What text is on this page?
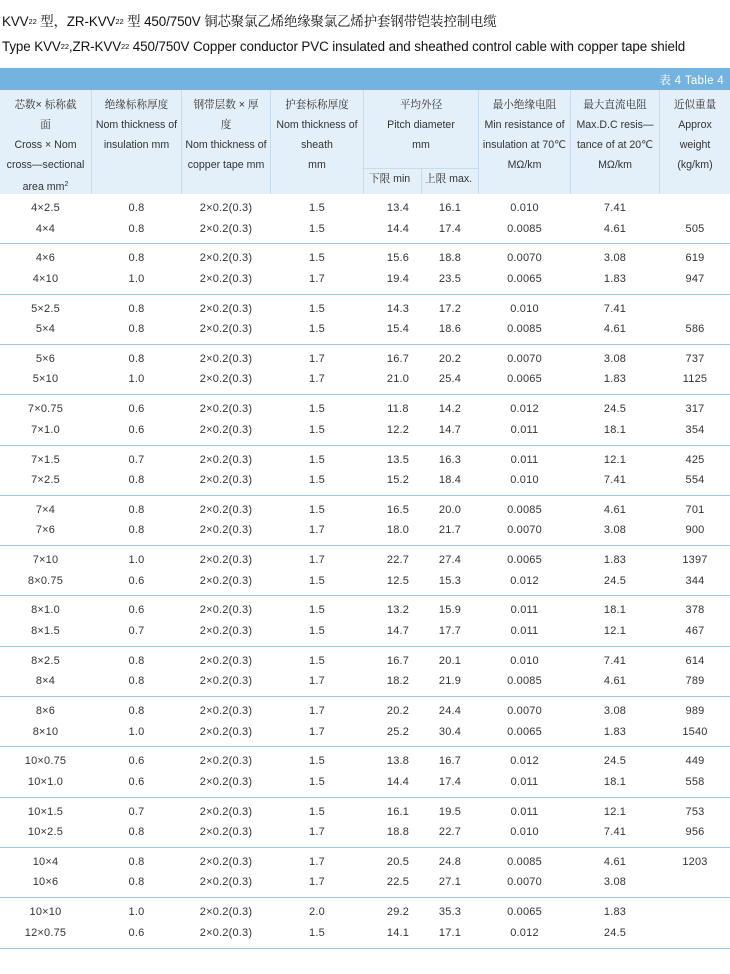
$KVV_{22}$ 型，$ZR-KVV_{22}$ 型 450/750V 铜芯聚氯乙烯绝缘聚氯乙烯护套钢带铠装控制电缆
Type $KVV_{22},ZR-KVV_{22}$ 450/750V Copper conductor PVC insulated and sheathed control cable with copper tape shield
表 4 Table 4
芯数× 标称截
面
Cross × Nom
cross—sectional
area $mm^2$
绝缘标称厚度
Nom thickness of
insulation mm
钢带层数 × 厚
度
Nom thickness of
copper tape mm
护套标称厚度
Nom thickness of
sheath
mm
平均外径
Pitch diameter
mm
最小绝缘电阻
Min resistance of
insulation at 70℃
MΩ/km
最大直流电阻
Max.D.C resis—
tance of at 20℃
MΩ/km
近似重量
Approx
weight
(kg/km)
下限 min 上限 max.
4×2.5	0.8	2×0.2(0.3)	1.5	13.4	16.1	0.010	7.41
4×4	0.8	2×0.2(0.3)	1.5	14.4	17.4	0.0085	4.61	505
4×6	0.8	2×0.2(0.3)	1.5	15.6	18.8	0.0070	3.08	619
4×10	1.0	2×0.2(0.3)	1.7	19.4	23.5	0.0065	1.83	947
5×2.5	0.8	2×0.2(0.3)	1.5	14.3	17.2	0.010	7.41
5×4	0.8	2×0.2(0.3)	1.5	15.4	18.6	0.0085	4.61	586
5×6	0.8	2×0.2(0.3)	1.7	16.7	20.2	0.0070	3.08	737
5×10	1.0	2×0.2(0.3)	1.7	21.0	25.4	0.0065	1.83	1125
7×0.75	0.6	2×0.2(0.3)	1.5	11.8	14.2	0.012	24.5	317
7×1.0	0.6	2×0.2(0.3)	1.5	12.2	14.7	0.011	18.1	354
7×1.5	0.7	2×0.2(0.3)	1.5	13.5	16.3	0.011	12.1	425
7×2.5	0.8	2×0.2(0.3)	1.5	15.2	18.4	0.010	7.41	554
7×4	0.8	2×0.2(0.3)	1.5	16.5	20.0	0.0085	4.61	701
7×6	0.8	2×0.2(0.3)	1.7	18.0	21.7	0.0070	3.08	900
7×10	1.0	2×0.2(0.3)	1.7	22.7	27.4	0.0065	1.83	1397
8×0.75	0.6	2×0.2(0.3)	1.5	12.5	15.3	0.012	24.5	344
8×1.0	0.6	2×0.2(0.3)	1.5	13.2	15.9	0.011	18.1	378
8×1.5	0.7	2×0.2(0.3)	1.5	14.7	17.7	0.011	12.1	467
8×2.5	0.8	2×0.2(0.3)	1.5	16.7	20.1	0.010	7.41	614
8×4	0.8	2×0.2(0.3)	1.7	18.2	21.9	0.0085	4.61	789
8×6	0.8	2×0.2(0.3)	1.7	20.2	24.4	0.0070	3.08	989
8×10	1.0	2×0.2(0.3)	1.7	25.2	30.4	0.0065	1.83	1540
10×0.75	0.6	2×0.2(0.3)	1.5	13.8	16.7	0.012	24.5	449
10×1.0	0.6	2×0.2(0.3)	1.5	14.4	17.4	0.011	18.1	558
10×1.5	0.7	2×0.2(0.3)	1.5	16.1	19.5	0.011	12.1	753
10×2.5	0.8	2×0.2(0.3)	1.7	18.8	22.7	0.010	7.41	956
10×4	0.8	2×0.2(0.3)	1.7	20.5	24.8	0.0085	4.61	1203
10×6	0.8	2×0.2(0.3)	1.7	22.5	27.1	0.0070	3.08
10×10	1.0	2×0.2(0.3)	2.0	29.2	35.3	0.0065	1.83
12×0.75	0.6	2×0.2(0.3)	1.5	14.1	17.1	0.012	24.5
